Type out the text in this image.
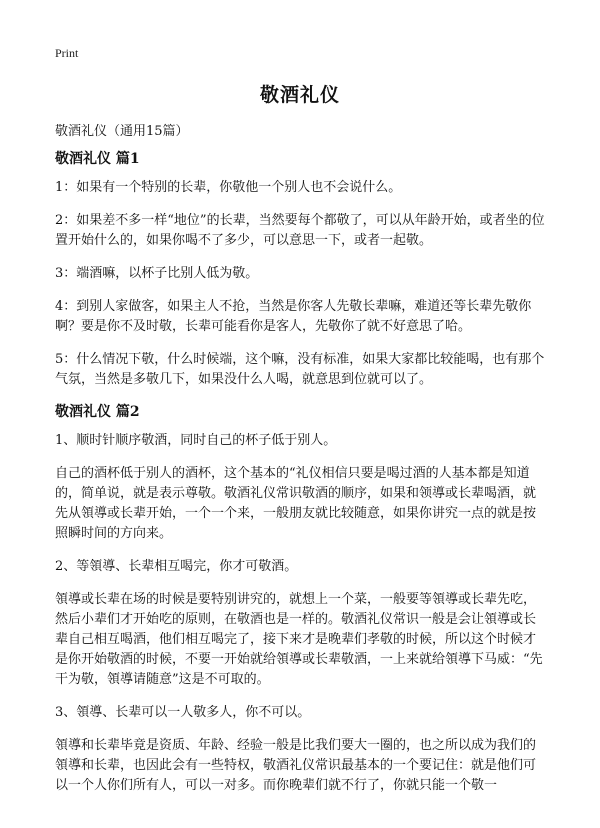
Print
敬酒礼仪
敬酒礼仪（通用15篇）
敬酒礼仪 篇1

1：如果有一个特别的长辈，你敬他一个别人也不会说什么。

2：如果差不多一样“地位”的长辈，当然要每个都敬了，可以从年龄开始，或者坐的位置开始什么的，如果你喝不了多少，可以意思一下，或者一起敬。

3：端酒嘛，以杯子比别人低为敬。

4：到别人家做客，如果主人不抢，当然是你客人先敬长辈嘛，难道还等长辈先敬你啊？要是你不及时敬，长辈可能看你是客人，先敬你了就不好意思了哈。

5：什么情况下敬，什么时候端，这个嘛，没有标准，如果大家都比较能喝，也有那个气氛，当然是多敬几下，如果没什么人喝，就意思到位就可以了。

敬酒礼仪 篇2

1、顺时针顺序敬酒，同时自己的杯子低于别人。

自己的酒杯低于别人的酒杯，这个基本的“礼仪相信只要是喝过酒的人基本都是知道的，简单说，就是表示尊敬。敬酒礼仪常识敬酒的顺序，如果和领導或长辈喝酒，就先从領導或长辈开始，一个一个来，一般朋友就比较随意，如果你讲究一点的就是按照瞬时间的方向来。

2、等領導、长辈相互喝完，你才可敬酒。

領導或长辈在场的时候是要特别讲究的，就想上一个菜，一般要等領導或长辈先吃，然后小辈们才开始吃的原则，在敬酒也是一样的。敬酒礼仪常识一般是会让領導或长辈自己相互喝酒，他们相互喝完了，接下来才是晚辈们孝敬的时候，所以这个时候才是你开始敬酒的时候，不要一开始就给領導或长辈敬酒，一上来就给領導下马威：“先干为敬，領導请随意”这是不可取的。

3、領導、长辈可以一人敬多人，你不可以。

領導和长辈毕竟是资质、年龄、经验一般是比我们要大一圈的，也之所以成为我们的領導和长辈，也因此会有一些特权，敬酒礼仪常识最基本的一个要记住：就是他们可以一个人你们所有人，可以一对多。而你晚辈们就不行了，你就只能一个敬一
